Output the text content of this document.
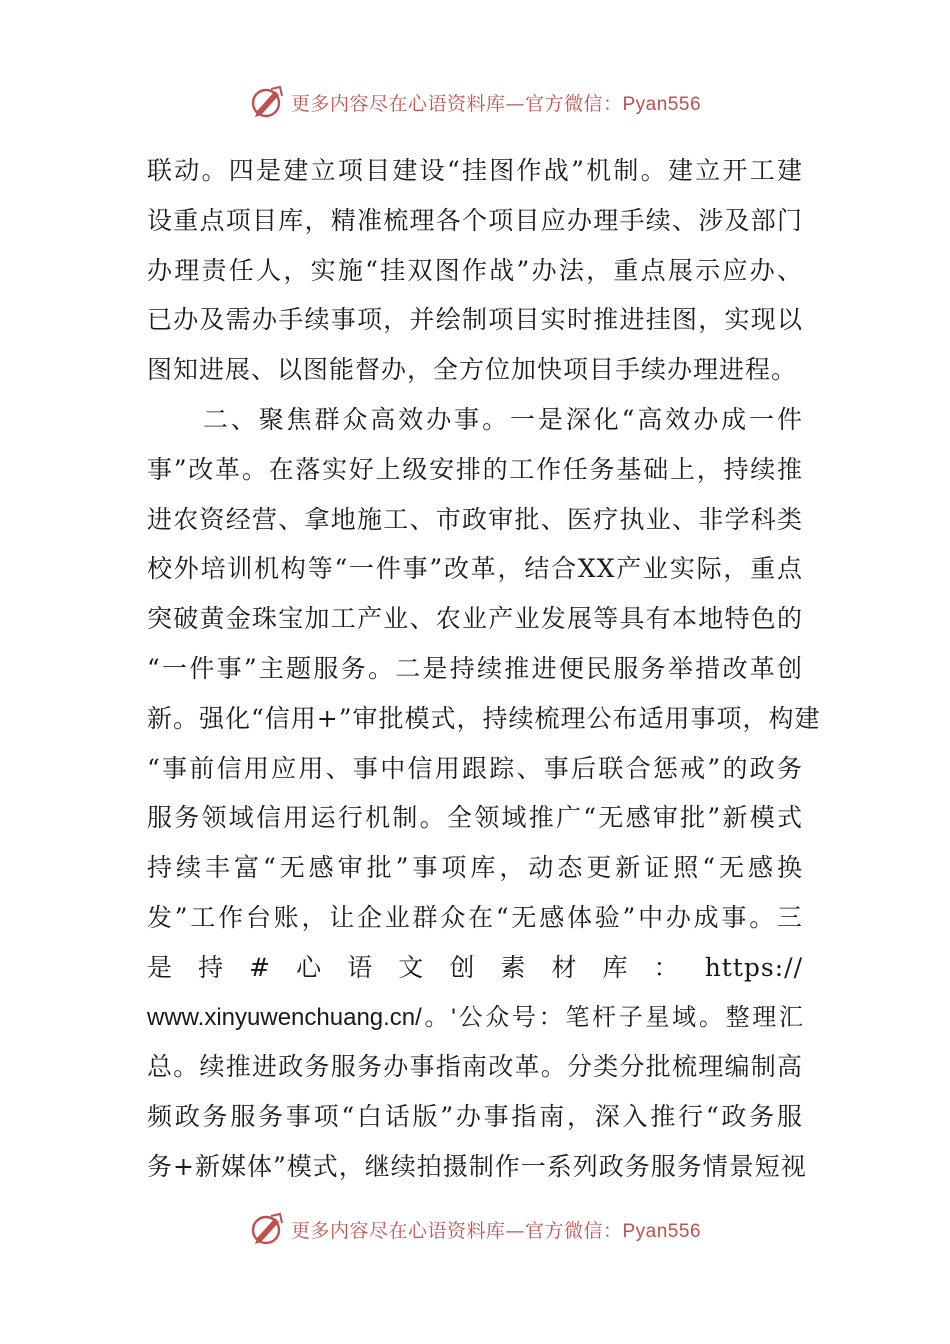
更多内容尽在心语资料库—官方微信：Pyan556
联动。四是建立项目建设“挂图作战”机制。建立开工建
设重点项目库，精准梳理各个项目应办理手续、涉及部门
办理责任人，实施“挂双图作战”办法，重点展示应办、
已办及需办手续事项，并绘制项目实时推进挂图，实现以
图知进展、以图能督办，全方位加快项目手续办理进程。
　　二、聚焦群众高效办事。一是深化“高效办成一件
事”改革。在落实好上级安排的工作任务基础上，持续推
进农资经营、拿地施工、市政审批、医疗执业、非学科类
校外培训机构等“一件事”改革，结合XX产业实际，重点
突破黄金珠宝加工产业、农业产业发展等具有本地特色的
“一件事”主题服务。二是持续推进便民服务举措改革创
新。强化“信用+”审批模式，持续梳理公布适用事项，构建
“事前信用应用、事中信用跟踪、事后联合惩戒”的政务
服务领域信用运行机制。全领域推广“无感审批”新模式
持续丰富“无感审批”事项库，动态更新证照“无感换
发”工作台账，让企业群众在“无感体验”中办成事。三
是持#心语文创素材库：https://
www.xinyuwenchuang.cn/。'公众号：笔杆子星域。整理汇
总。续推进政务服务办事指南改革。分类分批梳理编制高
频政务服务事项“白话版”办事指南，深入推行“政务服
务+新媒体”模式，继续拍摄制作一系列政务服务情景短视
更多内容尽在心语资料库—官方微信：Pyan556
